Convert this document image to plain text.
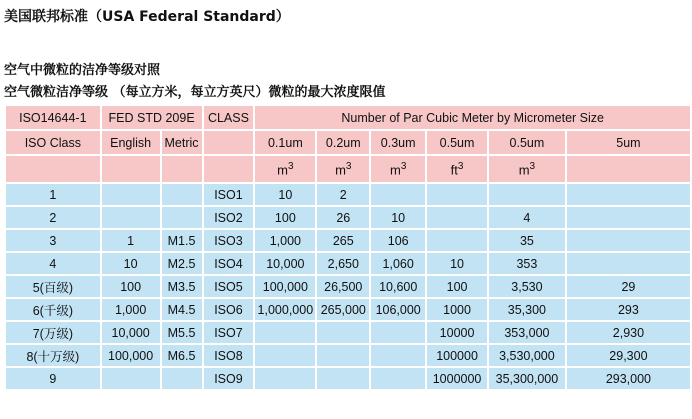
美国联邦标准（USA Federal Standard）
空气中微粒的洁净等级对照
空气微粒洁净等级 （每立方米，每立方英尺）微粒的最大浓度限值
ISO14644-1	FED STD 209E		CLASS	Number of Par Cubic Meter by Micrometer Size					
ISO Class	English	Metric		0.1um	0.2um	0.3um	0.5um	0.5um	5um
				$m^3$	$m^3$	$m^3$	$ft^3$	$m^3$	
1			ISO1	10	2				
2			ISO2	100	26	10		4	
3	1	M1.5	ISO3	1,000	265	106		35	
4	10	M2.5	ISO4	10,000	2,650	1,060	10	353	
5(百级)	100	M3.5	ISO5	100,000	26,500	10,600	100	3,530	29
6(千级)	1,000	M4.5	ISO6	1,000,000	265,000	106,000	1000	35,300	293
7(万级)	10,000	M5.5	ISO7				10000	353,000	2,930
8(十万级)	100,000	M6.5	ISO8				100000	3,530,000	29,300
9			ISO9				1000000	35,300,000	293,000
